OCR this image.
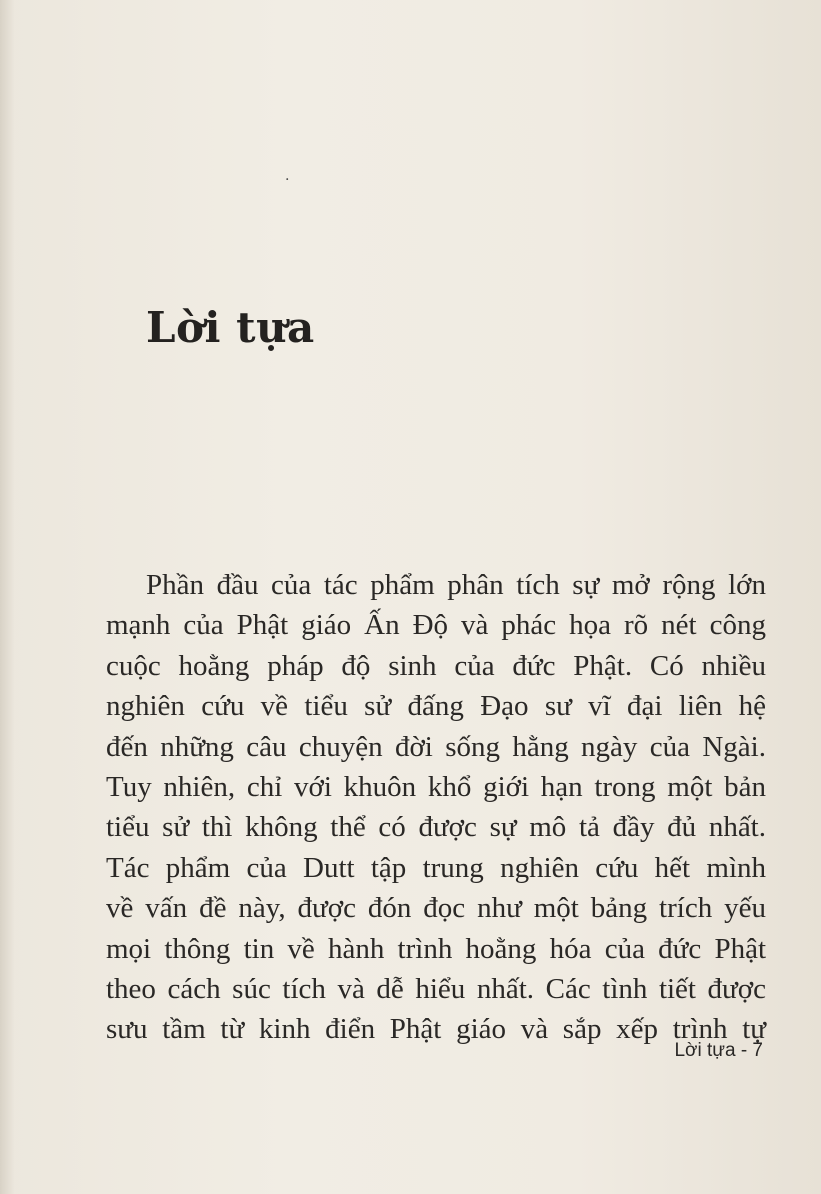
.
Lời tựa
Phần đầu của tác phẩm phân tích sự mở rộng lớn
mạnh của Phật giáo Ấn Độ và phác họa rõ nét công
cuộc hoằng pháp độ sinh của đức Phật. Có nhiều
nghiên cứu về tiểu sử đấng Đạo sư vĩ đại liên hệ
đến những câu chuyện đời sống hằng ngày của Ngài.
Tuy nhiên, chỉ với khuôn khổ giới hạn trong một bản
tiểu sử thì không thể có được sự mô tả đầy đủ nhất.
Tác phẩm của Dutt tập trung nghiên cứu hết mình
về vấn đề này, được đón đọc như một bảng trích yếu
mọi thông tin về hành trình hoằng hóa của đức Phật
theo cách súc tích và dễ hiểu nhất. Các tình tiết được
sưu tầm từ kinh điển Phật giáo và sắp xếp trình tự
Lời tựa - 7
